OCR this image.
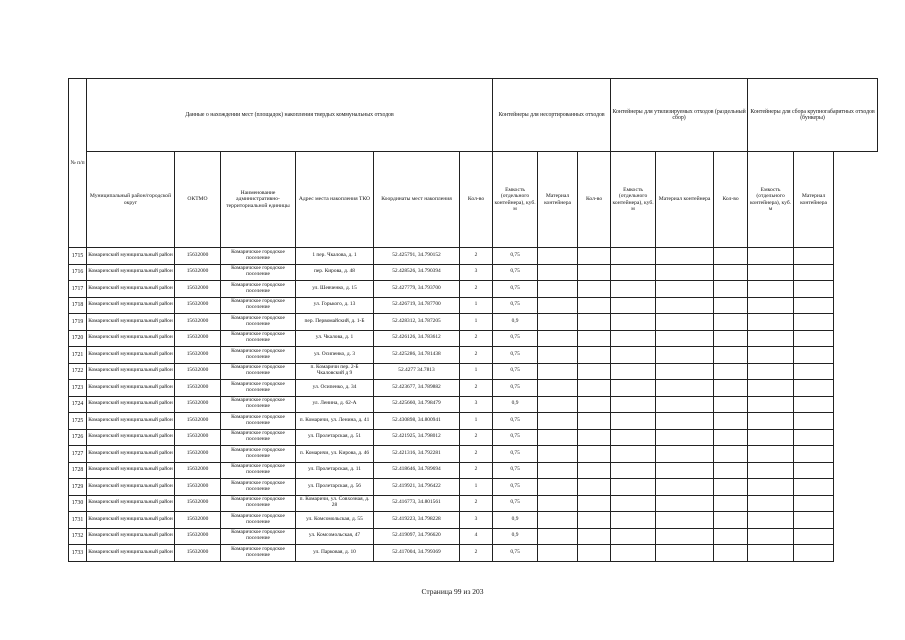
№ п/п	Данные о нахождении мест (площадок) накопления твердых коммунальных отходов						Контейнеры для несортированных отходов			Контейнеры для утилизируемых отходов (раздельный сбор)			Контейнеры для сбора крупногабаритных отходов (бункеры)	
	Муниципальный район/городской округ	ОКТМО	Наименование административно-территориальной единицы	Адрес места накопления ТКО	Координаты мест накопления	Кол-во	Емкость (отдельного контейнера), куб. м	Материал контейнера	Кол-во	Емкость (отдельного контейнера), куб. м	Материал контейнера	Кол-во	Емкость (отдельного контейнера), куб. м	Материал контейнера
1715	Комаричский муниципальный район	15632000	Комаричское городское поселение	1 пер. Чкалова, д. 1	52.425791, 34.790152	2	0,75							
1716	Комаричский муниципальный район	15632000	Комаричское городское поселение	пер. Кирова, д. 48	52.428526, 34.790394	3	0,75							
1717	Комаричский муниципальный район	15632000	Комаричское городское поселение	ул. Шевченко, д. 15	52.427779, 34.793700	2	0,75							
1718	Комаричский муниципальный район	15632000	Комаричское городское поселение	ул. Горького, д. 13	52.426719, 34.787700	1	0,75							
1719	Комаричский муниципальный район	15632000	Комаричское городское поселение	пер. Первомайский, д. 1-Б	52.428312, 34.787205	1	0,9							
1720	Комаричский муниципальный район	15632000	Комаричское городское поселение	ул. Чкалова, д. 1	52.426126, 34.783612	2	0,75							
1721	Комаричский муниципальный район	15632000	Комаричское городское поселение	ул. Осипенко, д. 3	52.425286, 34.781438	2	0,75							
1722	Комаричский муниципальный район	15632000	Комаричское городское поселение	п. Комаричи пер. 2-Б Чкаловский д 9	52.4277 34.7813	1	0,75							
1723	Комаричский муниципальный район	15632000	Комаричское городское поселение	ул. Осипенко, д. 34	52.423677, 34.789882	2	0,75							
1724	Комаричский муниципальный район	15632000	Комаричское городское поселение	ул. Ленина, д. 62-А	52.425660, 34.798479	3	0,9							
1725	Комаричский муниципальный район	15632000	Комаричское городское поселение	п. Комаричи, ул. Ленина, д. 41	52.430898, 34.800941	1	0,75							
1726	Комаричский муниципальный район	15632000	Комаричское городское поселение	ул. Пролетарская, д. 51	52.421925, 34.798012	2	0,75							
1727	Комаричский муниципальный район	15632000	Комаричское городское поселение	п. Комаричи, ул. Кирова, д. 46	52.421316, 34.792281	2	0,75							
1728	Комаричский муниципальный район	15632000	Комаричское городское поселение	ул. Пролетарская, д. 11	52.418646, 34.789694	2	0,75							
1729	Комаричский муниципальный район	15632000	Комаричское городское поселение	ул. Пролетарская, д. 56	52.419921, 34.796422	1	0,75							
1730	Комаричский муниципальный район	15632000	Комаричское городское поселение	п. Комаричи, ул. Совхозная, д. 28	52.416773, 34.801561	2	0,75							
1731	Комаричский муниципальный район	15632000	Комаричское городское поселение	ул. Комсомольская, д. 55	52.419223, 34.798228	3	0,9							
1732	Комаричский муниципальный район	15632000	Комаричское городское поселение	ул. Комсомольская, 47	52.419097, 34.796620	4	0,9							
1733	Комаричский муниципальный район	15632000	Комаричское городское поселение	ул. Парковая, д. 10	52.417004, 34.799369	2	0,75							
Страница 99 из 203
